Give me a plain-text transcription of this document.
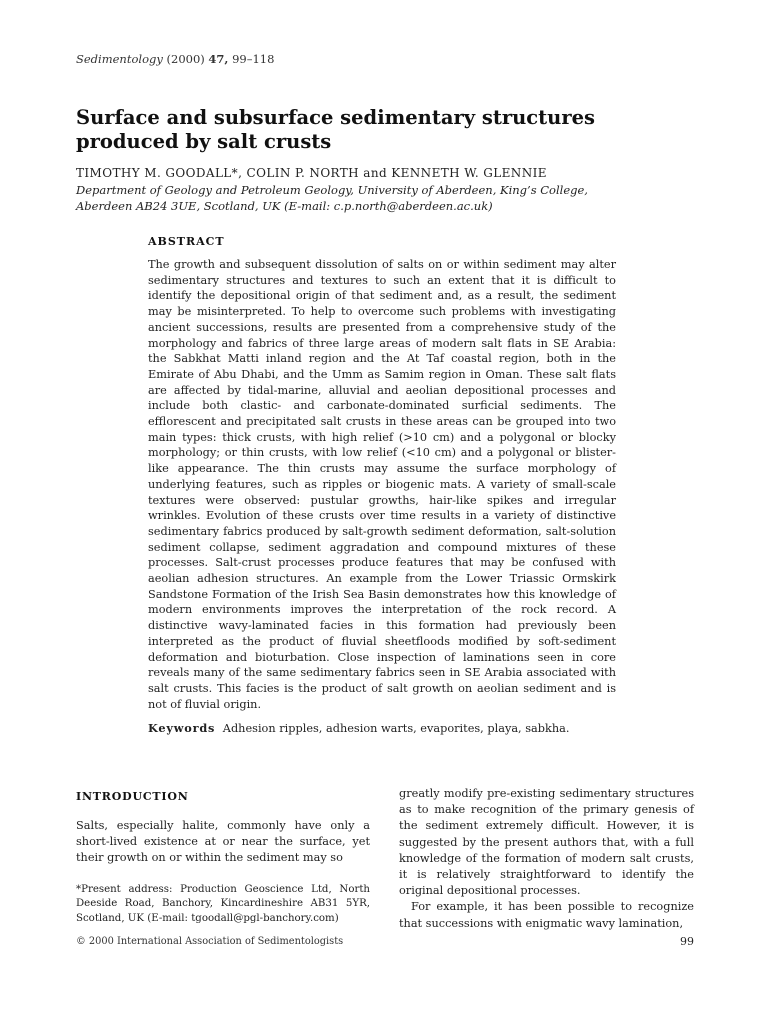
Sedimentology (2000) 47, 99–118
Surface and subsurface sedimentary structures produced by salt crusts
TIMOTHY M. GOODALL*, COLIN P. NORTH and KENNETH W. GLENNIE
Department of Geology and Petroleum Geology, University of Aberdeen, King’s College, Aberdeen AB24 3UE, Scotland, UK (E-mail: c.p.north@aberdeen.ac.uk)
ABSTRACT

The growth and subsequent dissolution of salts on or within sediment may alter sedimentary structures and textures to such an extent that it is difficult to identify the depositional origin of that sediment and, as a result, the sediment may be misinterpreted. To help to overcome such problems with investigating ancient successions, results are presented from a comprehensive study of the morphology and fabrics of three large areas of modern salt flats in SE Arabia: the Sabkhat Matti inland region and the At Taf coastal region, both in the Emirate of Abu Dhabi, and the Umm as Samim region in Oman. These salt flats are affected by tidal-marine, alluvial and aeolian depositional processes and include both clastic- and carbonate-dominated surficial sediments. The efflorescent and precipitated salt crusts in these areas can be grouped into two main types: thick crusts, with high relief (>10 cm) and a polygonal or blocky morphology; or thin crusts, with low relief (<10 cm) and a polygonal or blister-like appearance. The thin crusts may assume the surface morphology of underlying features, such as ripples or biogenic mats. A variety of small-scale textures were observed: pustular growths, hair-like spikes and irregular wrinkles. Evolution of these crusts over time results in a variety of distinctive sedimentary fabrics produced by salt-growth sediment deformation, salt-solution sediment collapse, sediment aggradation and compound mixtures of these processes. Salt-crust processes produce features that may be confused with aeolian adhesion structures. An example from the Lower Triassic Ormskirk Sandstone Formation of the Irish Sea Basin demonstrates how this knowledge of modern environments improves the interpretation of the rock record. A distinctive wavy-laminated facies in this formation had previously been interpreted as the product of fluvial sheetfloods modified by soft-sediment deformation and bioturbation. Close inspection of laminations seen in core reveals many of the same sedimentary fabrics seen in SE Arabia associated with salt crusts. This facies is the product of salt growth on aeolian sediment and is not of fluvial origin.

Keywords Adhesion ripples, adhesion warts, evaporites, playa, sabkha.
INTRODUCTION

Salts, especially halite, commonly have only a short-lived existence at or near the surface, yet their growth on or within the sediment may so

*Present address: Production Geoscience Ltd, North Deeside Road, Banchory, Kincardineshire AB31 5YR, Scotland, UK (E-mail: tgoodall@pgl-banchory.com)

greatly modify pre-existing sedimentary structures as to make recognition of the primary genesis of the sediment extremely difficult. However, it is suggested by the present authors that, with a full knowledge of the formation of modern salt crusts, it is relatively straightforward to identify the original depositional processes.

For example, it has been possible to recognize that successions with enigmatic wavy lamination,

© 2000 International Association of Sedimentologists	99
